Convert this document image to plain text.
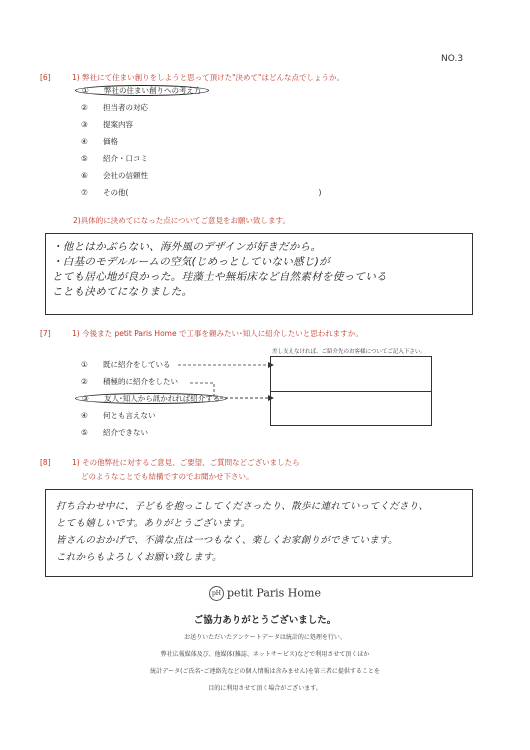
NO.3
[6]	1) 弊社にて住まい創りをしようと思って頂けた"決めて"はどんな点でしょうか。
① 弊社の住まい創りへの考え方
② 担当者の対応
③ 提案内容
④ 価格
⑤ 紹介・口コミ
⑥ 会社の信頼性
⑦ その他(	)
2)具体的に決めてになった点についてご意見をお願い致します。
・他とはかぶらない、海外風のデザインが好きだから。
・白基のモデルルームの空気(じめっとしていない感じ)が
とても居心地が良かった。珪藻土や無垢床など自然素材を使っている
ことも決めてになりました。
[7]	1) 今後また petit Paris Home で工事を頼みたい･知人に紹介したいと思われますか。
① 既に紹介をしている
② 積極的に紹介をしたい
③ 友人･知人から訊かれれば紹介する
④ 何とも言えない
⑤ 紹介できない
差し支えなければ、ご紹介先のお客様についてご記入下さい。
[8]	1) その他弊社に対するご意見、ご要望、ご質問などございましたら
どのようなことでも結構ですのでお聞かせ下さい。
打ち合わせ中に、子どもを抱っこしてくださったり、散歩に連れていってくださり、
とても嬉しいです。ありがとうございます。
皆さんのおかげで、不満な点は一つもなく、楽しくお家創りができています。
これからもよろしくお願い致します。
pH petit Paris Home
ご協力ありがとうございました。
お送りいただいたアンケートデータは統計的に処理を行い、
弊社広報媒体及び、他媒体(雑誌、ネットサービス)などで利用させて頂くほか
統計データ(ご氏名･ご連絡先などの個人情報は含みません)を第三者に提供することを
目的に利用させて頂く場合がございます。
